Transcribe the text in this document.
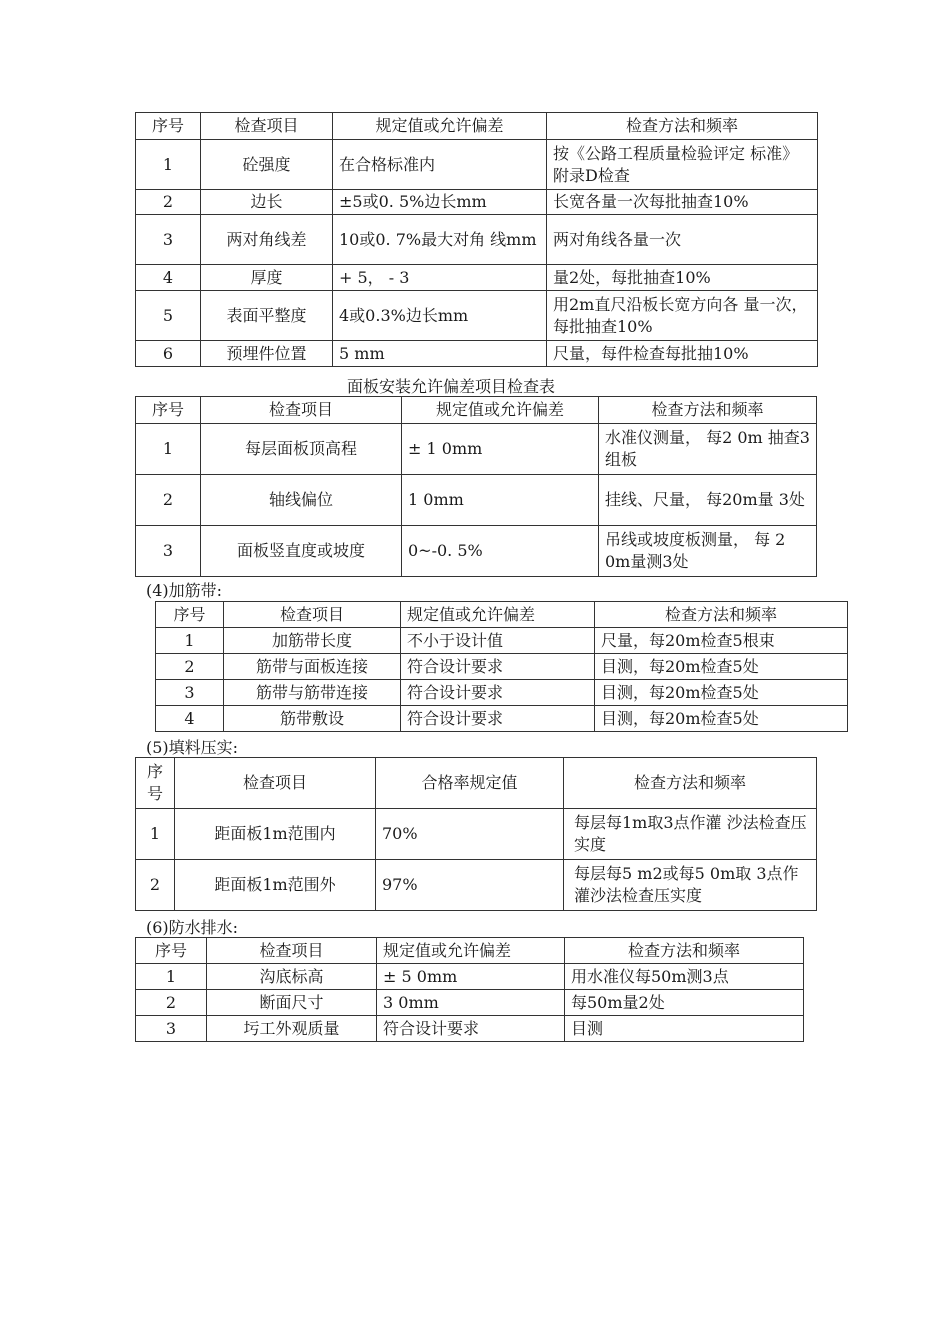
序号	检查项目	规定值或允许偏差	检查方法和频率
1	砼强度	在合格标准内	按《公路工程质量检验评定 标准》附录D检查
2	边长	±5或0. 5%边长mm	长宽各量一次每批抽查10%
3	两对角线差	10或0. 7%最大对角 线mm	两对角线各量一次
4	厚度	+ 5， - 3	量2处，每批抽查10%
5	表面平整度	4或0.3%边长mm	用2m直尺沿板长宽方向各 量一次，每批抽查10%
6	预埋件位置	5 mm	尺量，每件检查每批抽10%
面板安装允许偏差项目检查表
序号	检查项目	规定值或允许偏差	检查方法和频率
1	每层面板顶高程	± 1 0mm	水准仪测量， 每2 0m 抽查3组板
2	轴线偏位	1 0mm	挂线、尺量， 每20m量 3处
3	面板竖直度或坡度	0~-0. 5%	吊线或坡度板测量， 每 2 0m量测3处
(4)加筋带:
序号	检查项目	规定值或允许偏差	检查方法和频率
1	加筋带长度	不小于设计值	尺量，每20m检查5根束
2	筋带与面板连接	符合设计要求	目测，每20m检查5处
3	筋带与筋带连接	符合设计要求	目测，每20m检查5处
4	筋带敷设	符合设计要求	目测，每20m检查5处
(5)填料压实:
序号	检查项目	合格率规定值	检查方法和频率
1	距面板1m范围内	70%	每层每1m取3点作灌 沙法检查压实度
2	距面板1m范围外	97%	每层每5 m2或每5 0m取 3点作灌沙法检查压实度
(6)防水排水:
序号	检查项目	规定值或允许偏差	检查方法和频率
1	沟底标高	± 5 0mm	用水准仪每50m测3点
2	断面尺寸	3 0mm	每50m量2处
3	圬工外观质量	符合设计要求	目测
